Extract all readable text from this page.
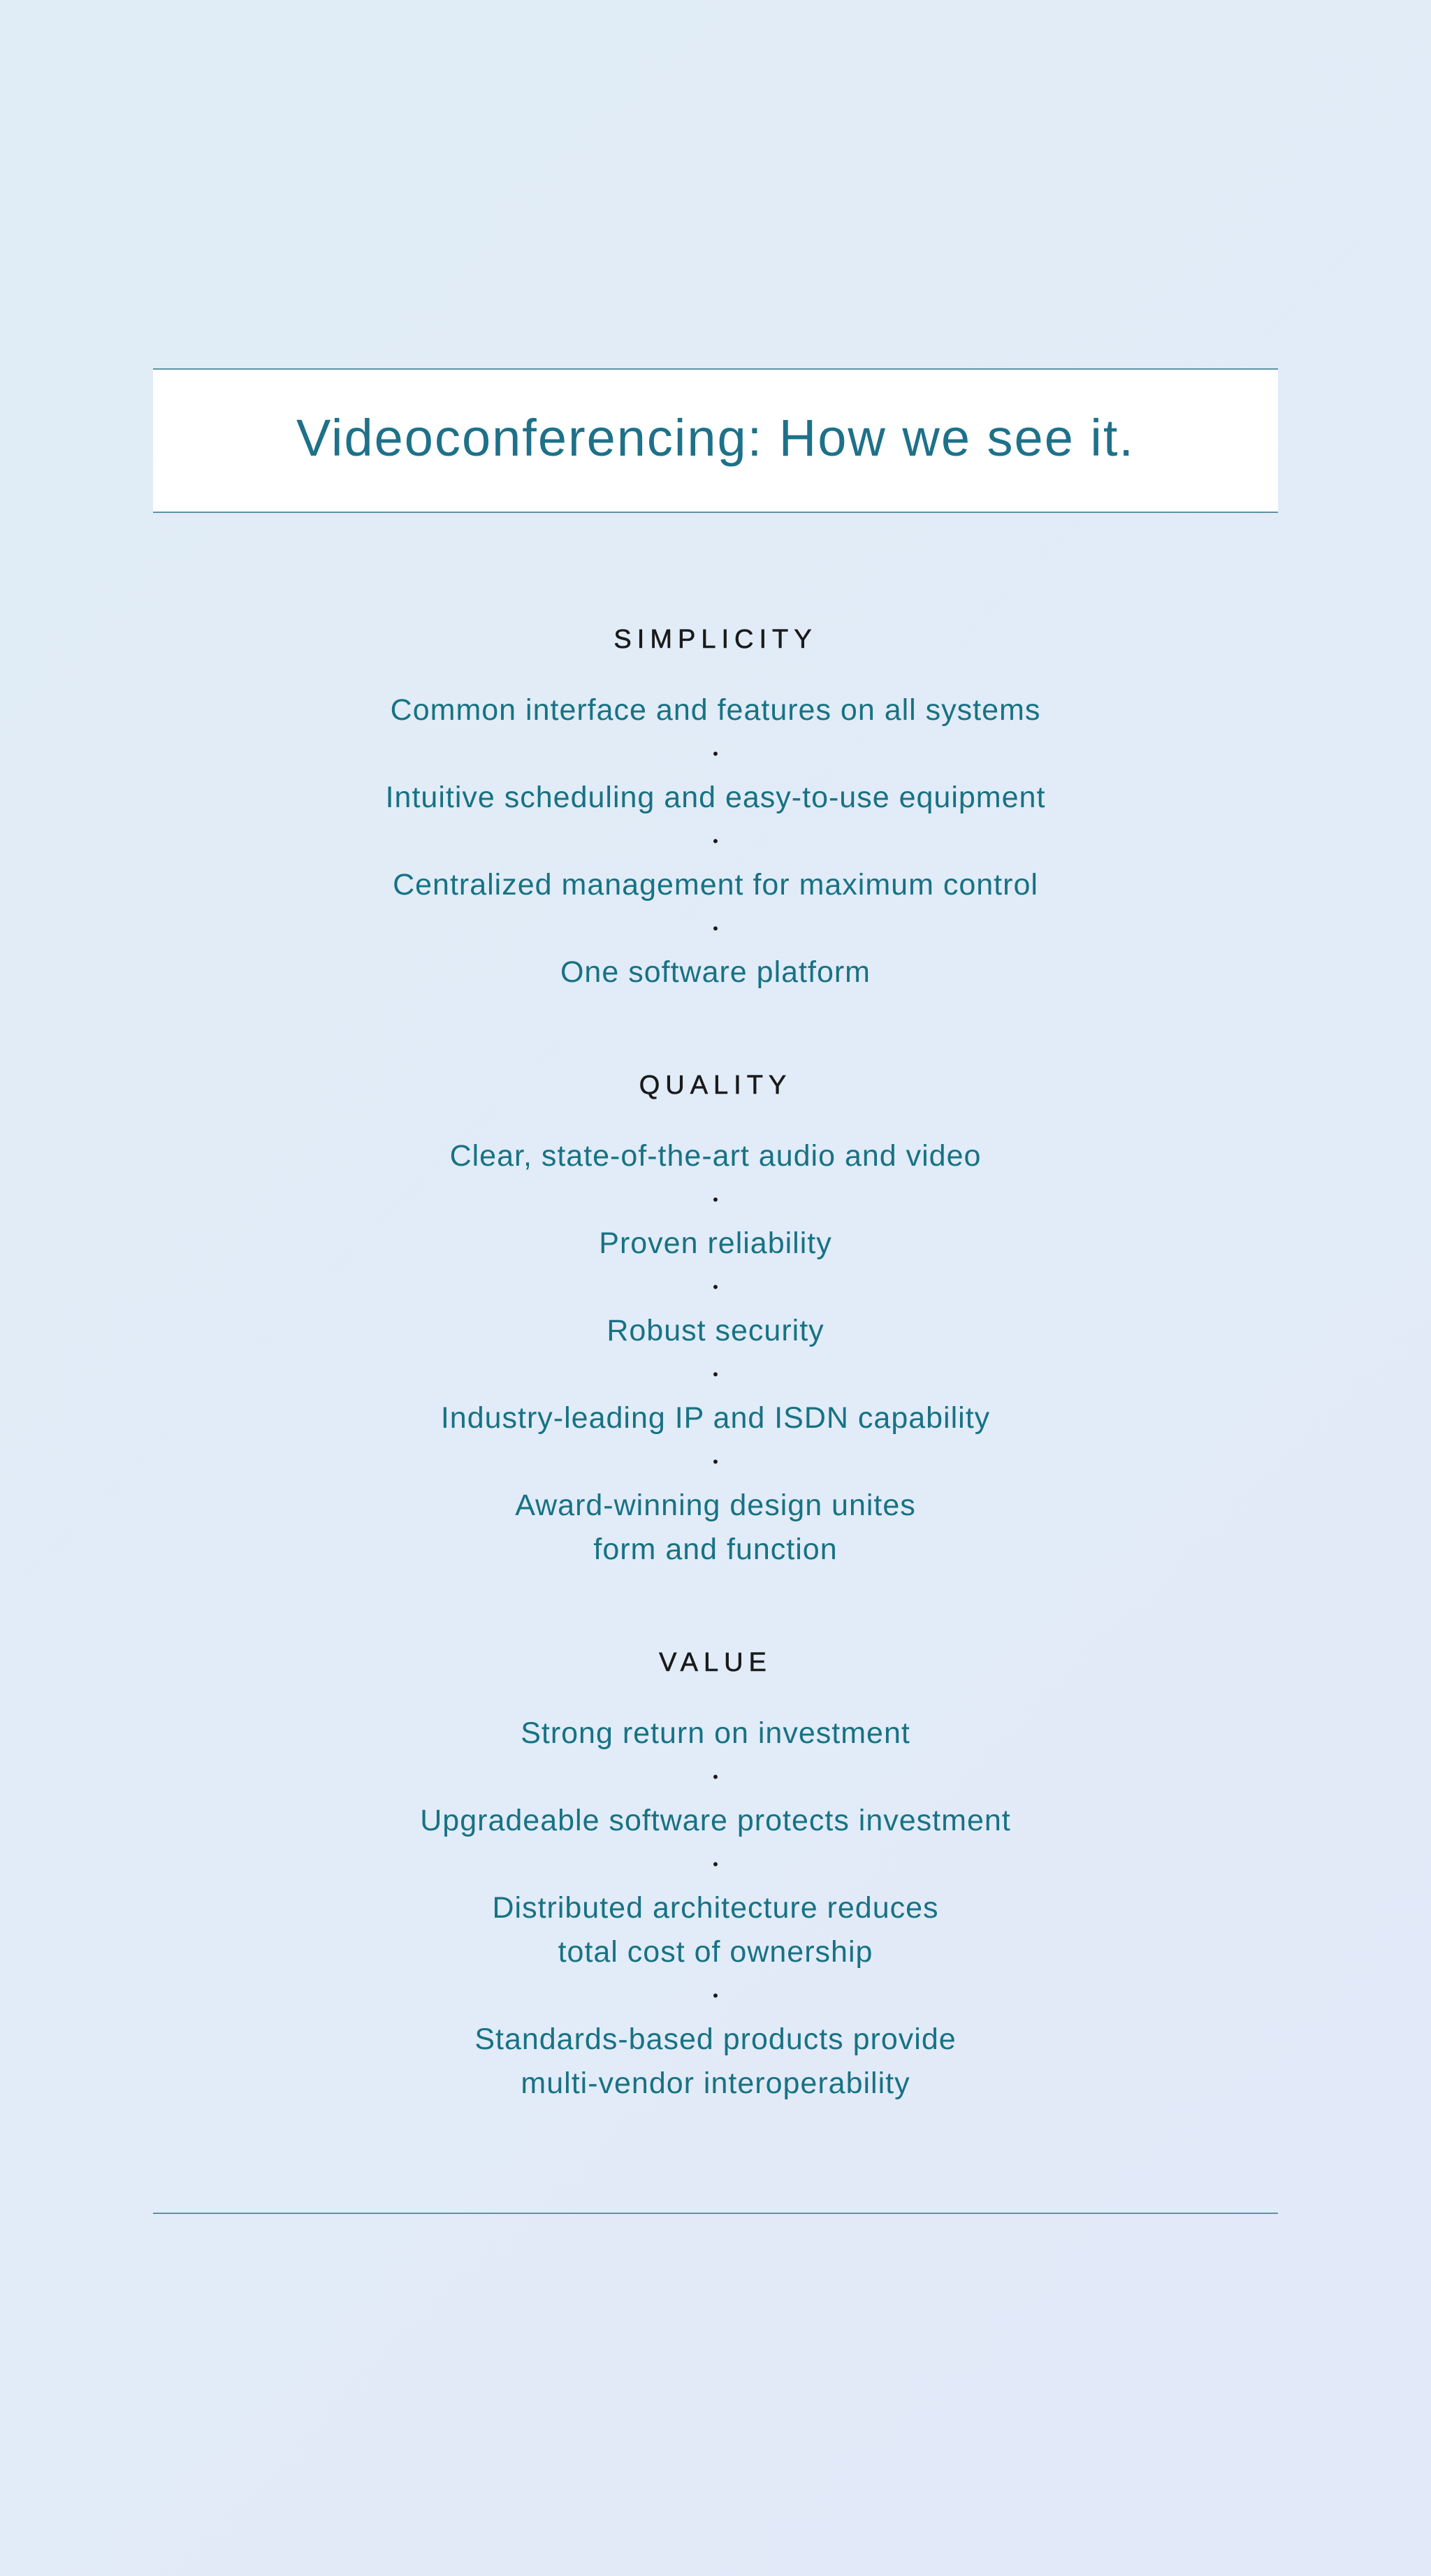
Videoconferencing: How we see it.
SIMPLICITY
Common interface and features on all systems
•
Intuitive scheduling and easy-to-use equipment
•
Centralized management for maximum control
•
One software platform
QUALITY
Clear, state-of-the-art audio and video
•
Proven reliability
•
Robust security
•
Industry-leading IP and ISDN capability
•
Award-winning design unites
form and function
VALUE
Strong return on investment
•
Upgradeable software protects investment
•
Distributed architecture reduces
total cost of ownership
•
Standards-based products provide
multi-vendor interoperability
